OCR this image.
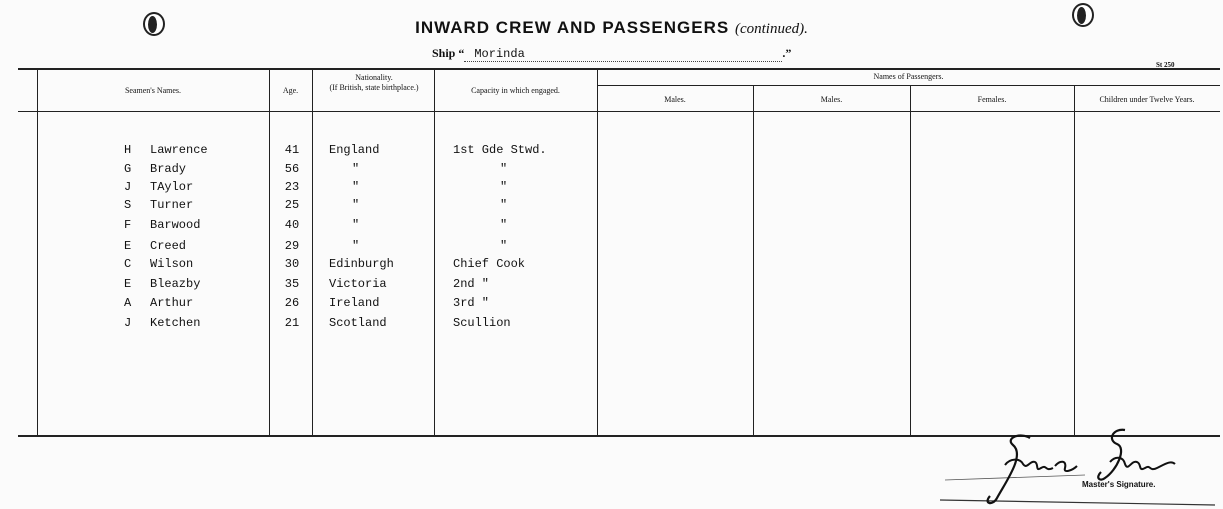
INWARD CREW AND PASSENGERS (continued).
Ship “ Morinda	.”
St 250
Seamen's Names.	Age.
Nationality.
(If British, state birthplace.)	Capacity in which engaged.
Names of Passengers.
Males.	Males.	Females.	Children under Twelve Years.
H Lawrence	41	England	1st Gde Stwd.
G Brady	56	"	"
J TAylor	23	"	"
S Turner	25	"	"
F Barwood	40	"	"
E Creed	29	"	"
C Wilson	30	Edinburgh	Chief Cook
E Bleazby	35	Victoria	2nd "
A Arthur	26	Ireland	3rd "
J Ketchen	21	Scotland	Scullion
Master's Signature.
